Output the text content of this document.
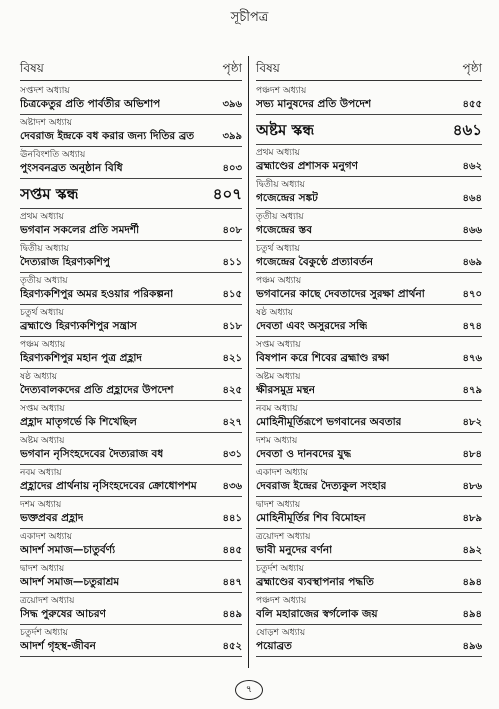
সূচীপত্র
বিষয়	পৃষ্ঠা
সপ্তদশ অধ্যায়
চিত্রকেতুর প্রতি পার্বতীর অভিশাপ	৩৯৬
অষ্টাদশ অধ্যায়
দেবরাজ ইন্দ্রকে বধ করার জন্য দিতির ব্রত	৩৯৯
ঊনবিংশতি অধ্যায়
পুংসবনব্রত অনুষ্ঠান বিধি	৪০৩
সপ্তম স্কন্ধ	৪০৭
প্রথম অধ্যায়
ভগবান সকলের প্রতি সমদর্শী	৪০৮
দ্বিতীয় অধ্যায়
দৈত্যরাজ হিরণ্যকশিপু	৪১১
তৃতীয় অধ্যায়
হিরণ্যকশিপুর অমর হওয়ার পরিকল্পনা	৪১৫
চতুর্থ অধ্যায়
ব্রহ্মাণ্ডে হিরণ্যকশিপুর সন্ত্রাস	৪১৮
পঞ্চম অধ্যায়
হিরণ্যকশিপুর মহান পুত্র প্রহ্লাদ	৪২১
ষষ্ঠ অধ্যায়
দৈত্যবালকদের প্রতি প্রহ্লাদের উপদেশ	৪২৫
সপ্তম অধ্যায়
প্রহ্লাদ মাতৃগর্ভে কি শিখেছিল	৪২৭
অষ্টম অধ্যায়
ভগবান নৃসিংহদেবের দৈত্যরাজ বধ	৪৩১
নবম অধ্যায়
প্রহ্লাদের প্রার্থনায় নৃসিংহদেবের ক্রোধোপশম	৪৩৬
দশম অধ্যায়
ভক্তপ্রবর প্রহ্লাদ	৪৪১
একাদশ অধ্যায়
আদর্শ সমাজ—চাতুর্বর্ণ্য	৪৪৫
দ্বাদশ অধ্যায়
আদর্শ সমাজ—চতুরাশ্রম	৪৪৭
ত্রয়োদশ অধ্যায়
সিদ্ধ পুরুষের আচরণ	৪৪৯
চতুর্দশ অধ্যায়
আদর্শ গৃহস্থ-জীবন	৪৫২
বিষয়	পৃষ্ঠা
পঞ্চদশ অধ্যায়
সভ্য মানুষদের প্রতি উপদেশ	৪৫৫
অষ্টম স্কন্ধ	৪৬১
প্রথম অধ্যায়
ব্রহ্মাণ্ডের প্রশাসক মনুগণ	৪৬২
দ্বিতীয় অধ্যায়
গজেন্দ্রের সঙ্কট	৪৬৪
তৃতীয় অধ্যায়
গজেন্দ্রের স্তব	৪৬৬
চতুর্থ অধ্যায়
গজেন্দ্রের বৈকুণ্ঠে প্রত্যাবর্তন	৪৬৯
পঞ্চম অধ্যায়
ভগবানের কাছে দেবতাদের সুরক্ষা প্রার্থনা	৪৭০
ষষ্ঠ অধ্যায়
দেবতা এবং অসুরদের সন্ধি	৪৭৪
সপ্তম অধ্যায়
বিষপান করে শিবের ব্রহ্মাণ্ড রক্ষা	৪৭৬
অষ্টম অধ্যায়
ক্ষীরসমুদ্র মন্থন	৪৭৯
নবম অধ্যায়
মোহিনীমূর্তিরূপে ভগবানের অবতার	৪৮২
দশম অধ্যায়
দেবতা ও দানবদের যুদ্ধ	৪৮৪
একাদশ অধ্যায়
দেবরাজ ইন্দ্রের দৈত্যকুল সংহার	৪৮৬
দ্বাদশ অধ্যায়
মোহিনীমূর্তির শিব বিমোহন	৪৮৯
ত্রয়োদশ অধ্যায়
ভাবী মনুদের বর্ণনা	৪৯২
চতুর্দশ অধ্যায়
ব্রহ্মাণ্ডের ব্যবস্থাপনার পদ্ধতি	৪৯৪
পঞ্চদশ অধ্যায়
বলি মহারাজের স্বর্গলোক জয়	৪৯৪
ষোড়শ অধ্যায়
পয়োব্রত	৪৯৬
৭
